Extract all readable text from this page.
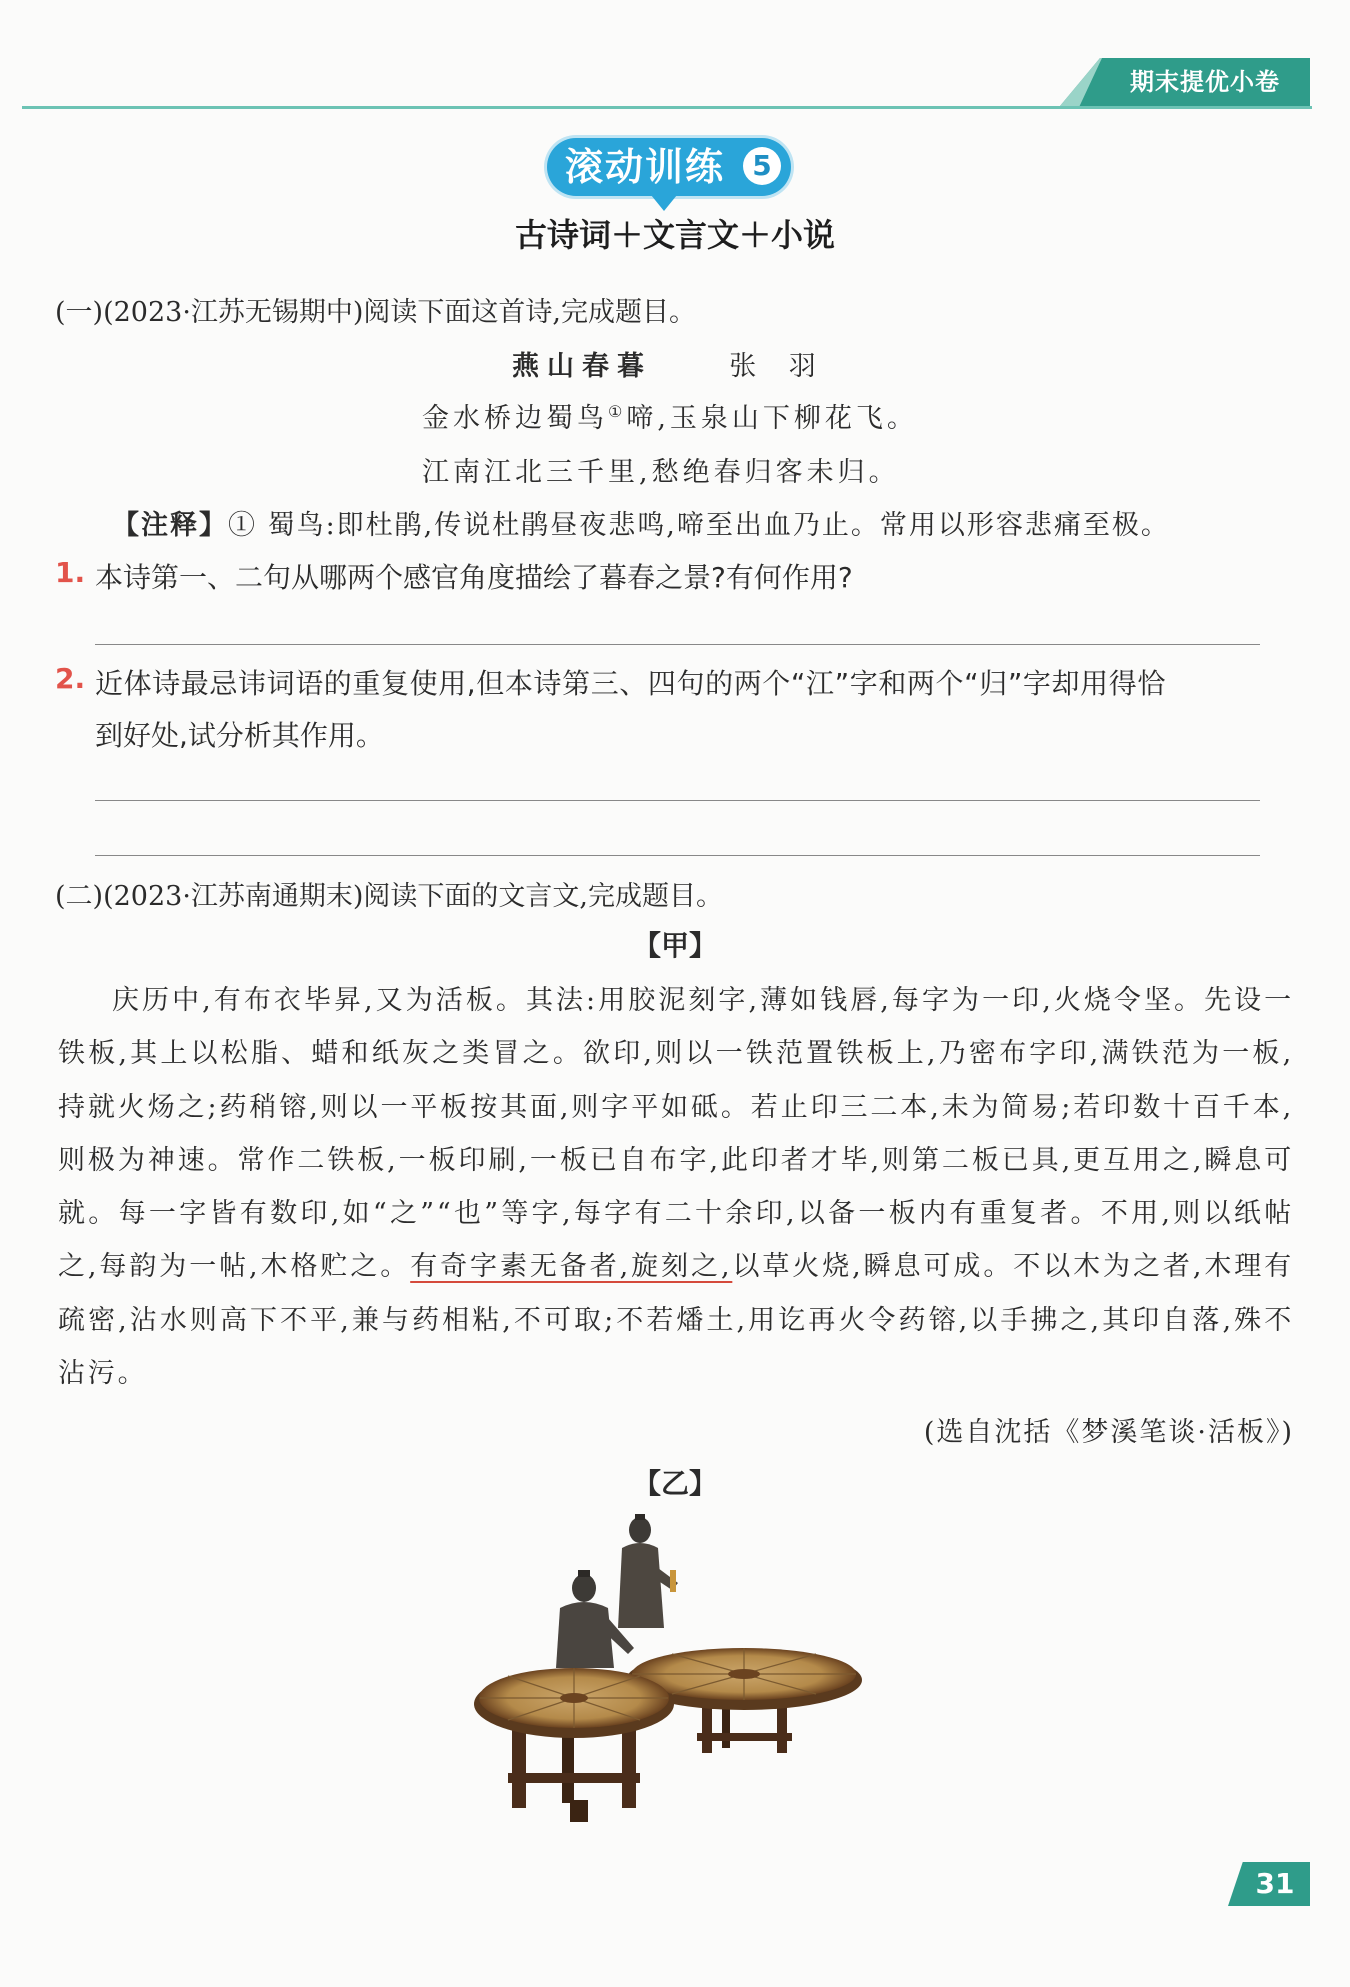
期末提优小卷
滚动训练 5
古诗词＋文言文＋小说
(一)(2023·江苏无锡期中)阅读下面这首诗,完成题目。
燕山春暮	张 羽
金水桥边蜀鸟①啼,玉泉山下柳花飞。
江南江北三千里,愁绝春归客未归。
【注释】① 蜀鸟:即杜鹃,传说杜鹃昼夜悲鸣,啼至出血乃止。常用以形容悲痛至极。
1. 本诗第一、二句从哪两个感官角度描绘了暮春之景?有何作用?
2. 近体诗最忌讳词语的重复使用,但本诗第三、四句的两个“江”字和两个“归”字却用得恰
到好处,试分析其作用。
(二)(2023·江苏南通期末)阅读下面的文言文,完成题目。
【甲】

庆历中,有布衣毕昇,又为活板。其法:用胶泥刻字,薄如钱唇,每字为一印,火烧令坚。先设一铁板,其上以松脂、蜡和纸灰之类冒之。欲印,则以一铁范置铁板上,乃密布字印,满铁范为一板,持就火炀之;药稍镕,则以一平板按其面,则字平如砥。若止印三二本,未为简易;若印数十百千本,则极为神速。常作二铁板,一板印刷,一板已自布字,此印者才毕,则第二板已具,更互用之,瞬息可就。每一字皆有数印,如“之”“也”等字,每字有二十余印,以备一板内有重复者。不用,则以纸帖之,每韵为一帖,木格贮之。有奇字素无备者,旋刻之,以草火烧,瞬息可成。不以木为之者,木理有疏密,沾水则高下不平,兼与药相粘,不可取;不若燔土,用讫再火令药镕,以手拂之,其印自落,殊不沾污。

(选自沈括《梦溪笔谈·活板》)
【乙】
31
